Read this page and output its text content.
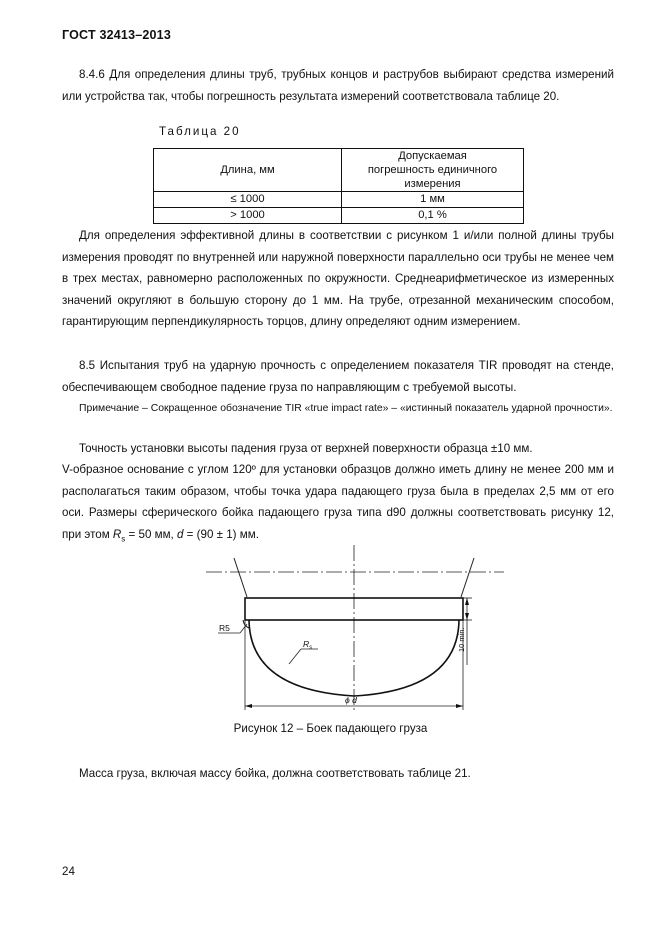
ГОСТ 32413–2013

8.4.6 Для определения длины труб, трубных концов и раструбов выбирают средства измерений или устройства так, чтобы погрешность результата измерений соответствовала таблице 20.

Таблица 20
Длина, мм	Допускаемая погрешность единичного измерения
≤ 1000	1 мм
> 1000	0,1 %

Для определения эффективной длины в соответствии с рисунком 1 и/или полной длины трубы измерения проводят по внутренней или наружной поверхности параллельно оси трубы не менее чем в трех местах, равномерно расположенных по окружности. Среднеарифметическое из измеренных значений округляют в большую сторону до 1 мм. На трубе, отрезанной механическим способом, гарантирующим перпендикулярность торцов, длину определяют одним измерением.

8.5 Испытания труб на ударную прочность с определением показателя TIR проводят на стенде, обеспечивающем свободное падение груза по направляющим с требуемой высоты.

Примечание – Сокращенное обозначение TIR «true impact rate» – «истинный показатель ударной прочности».

Точность установки высоты падения груза от верхней поверхности образца ±10 мм.

V-образное основание с углом 120º для установки образцов должно иметь длину не менее 200 мм и располагаться таким образом, чтобы точка удара падающего груза была в пределах 2,5 мм от его оси. Размеры сферического бойка падающего груза типа d90 должны соответствовать рисунку 12, при этом $R_s = 50$ мм, d = (90 ± 1) мм.

R5
$R_s$	10 min.
ϕ d
Рисунок 12 – Боек падающего груза

Масса груза, включая массу бойка, должна соответствовать таблице 21.

24
